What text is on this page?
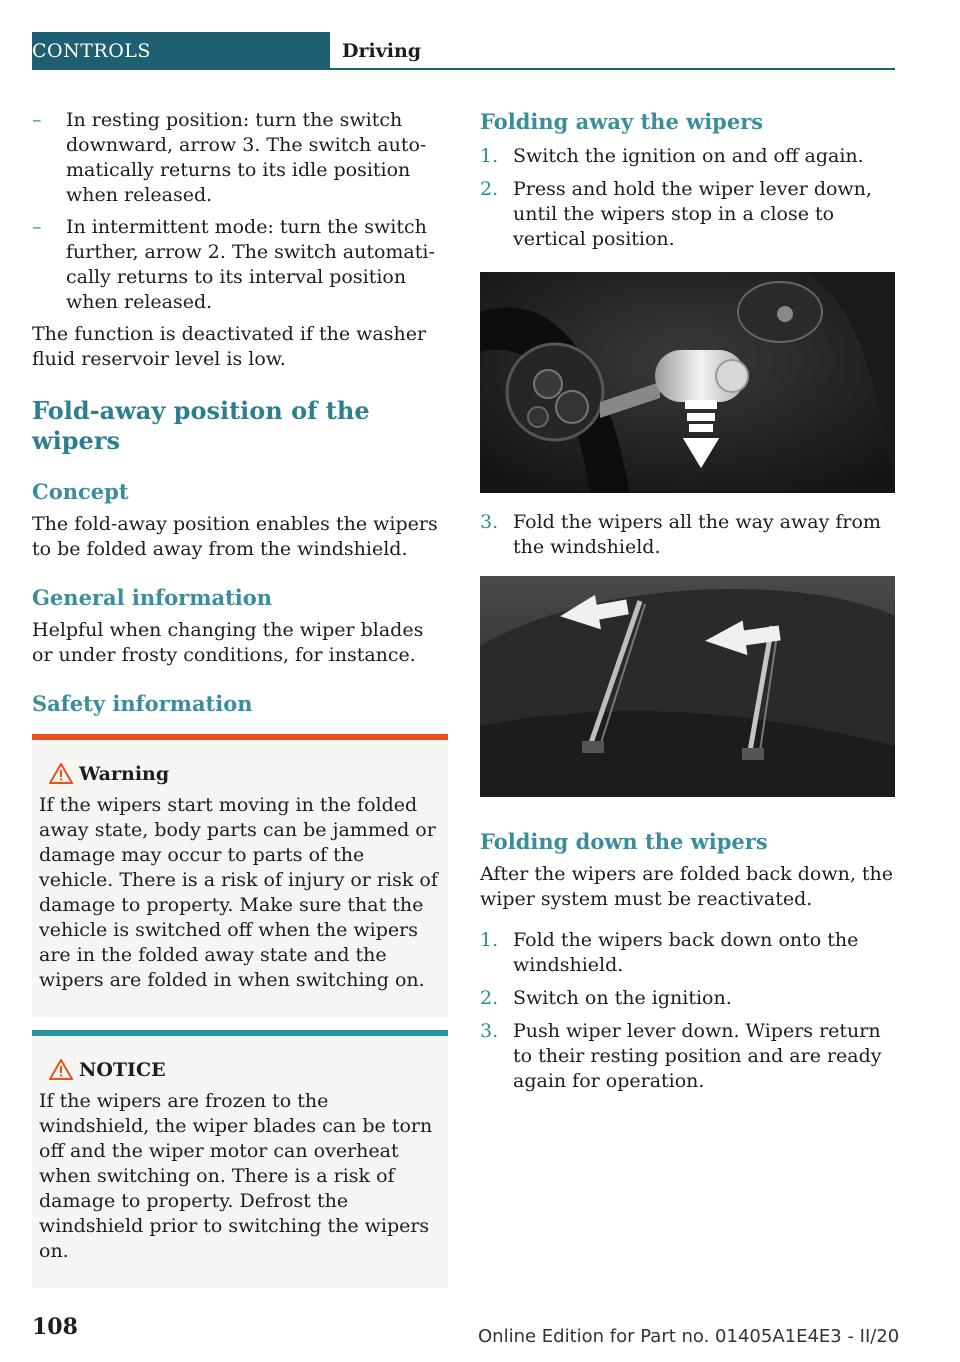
CONTROLS	Driving
– In resting position: turn the switch downward, arrow 3. The switch automatically returns to its idle position when released.
– In intermittent mode: turn the switch further, arrow 2. The switch automatically returns to its interval position when released.

The function is deactivated if the washer fluid reservoir level is low.

Fold-away position of the wipers
Concept

The fold-away position enables the wipers to be folded away from the windshield.

General information

Helpful when changing the wiper blades or under frosty conditions, for instance.

Safety information
Warning

If the wipers start moving in the folded away state, body parts can be jammed or damage may occur to parts of the vehicle. There is a risk of injury or risk of damage to property. Make sure that the vehicle is switched off when the wipers are in the folded away state and the wipers are folded in when switching on.

NOTICE

If the wipers are frozen to the windshield, the wiper blades can be torn off and the wiper motor can overheat when switching on. There is a risk of damage to property. Defrost the windshield prior to switching the wipers on.

Folding away the wipers
1. Switch the ignition on and off again.
2. Press and hold the wiper lever down, until the wipers stop in a close to vertical position.
3. Fold the wipers all the way away from the windshield.
Folding down the wipers

After the wipers are folded back down, the wiper system must be reactivated.

1. Fold the wipers back down onto the windshield.
2. Switch on the ignition.
3. Push wiper lever down. Wipers return to their resting position and are ready again for operation.
108	Online Edition for Part no. 01405A1E4E3 - II/20
